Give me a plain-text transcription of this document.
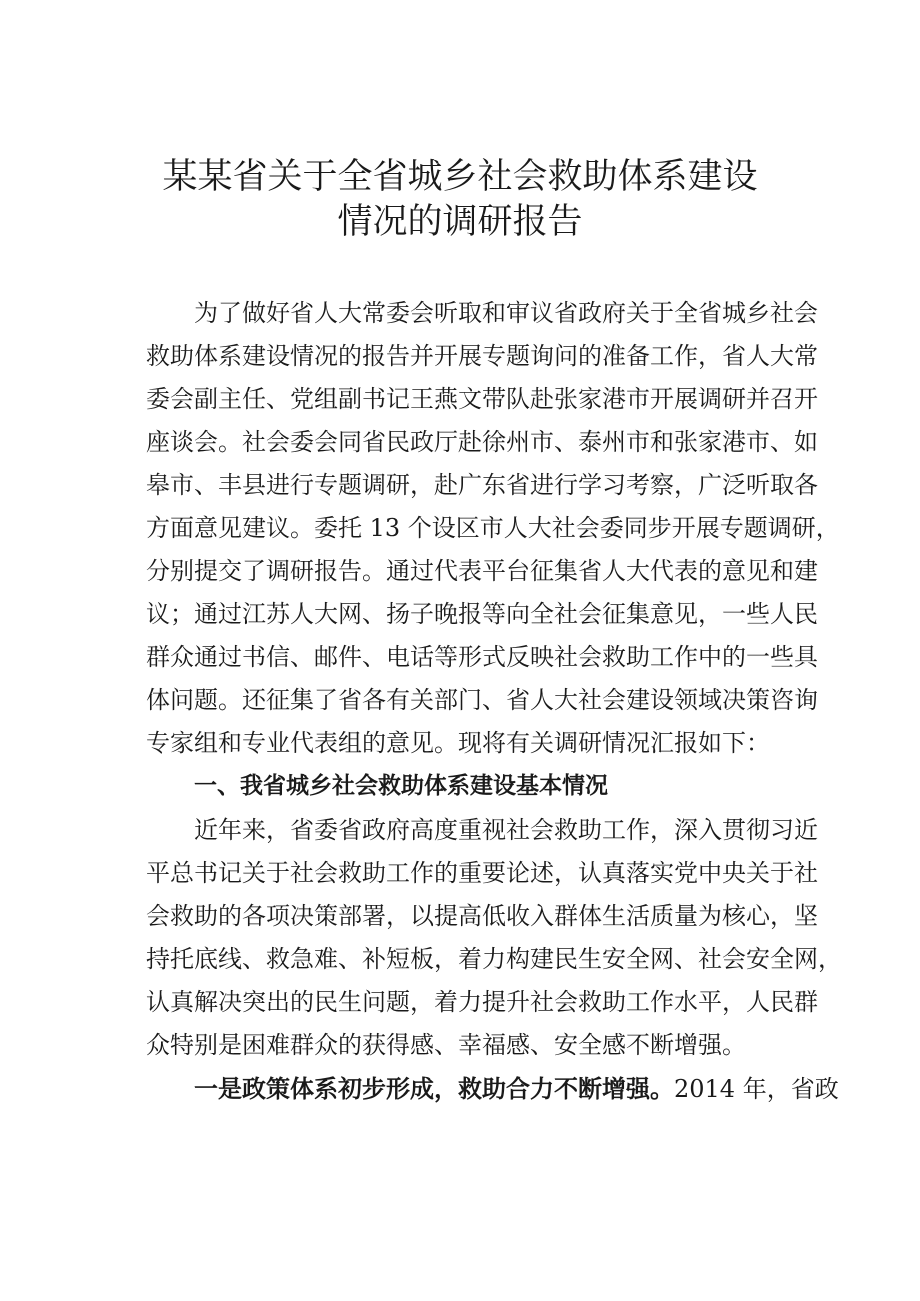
某某省关于全省城乡社会救助体系建设
情况的调研报告
为了做好省人大常委会听取和审议省政府关于全省城乡社会
救助体系建设情况的报告并开展专题询问的准备工作，省人大常
委会副主任、党组副书记王燕文带队赴张家港市开展调研并召开
座谈会。社会委会同省民政厅赴徐州市、泰州市和张家港市、如
皋市、丰县进行专题调研，赴广东省进行学习考察，广泛听取各
方面意见建议。委托 13 个设区市人大社会委同步开展专题调研，
分别提交了调研报告。通过代表平台征集省人大代表的意见和建
议；通过江苏人大网、扬子晚报等向全社会征集意见，一些人民
群众通过书信、邮件、电话等形式反映社会救助工作中的一些具
体问题。还征集了省各有关部门、省人大社会建设领域决策咨询
专家组和专业代表组的意见。现将有关调研情况汇报如下：
一、我省城乡社会救助体系建设基本情况
近年来，省委省政府高度重视社会救助工作，深入贯彻习近
平总书记关于社会救助工作的重要论述，认真落实党中央关于社
会救助的各项决策部署，以提高低收入群体生活质量为核心，坚
持托底线、救急难、补短板，着力构建民生安全网、社会安全网，
认真解决突出的民生问题，着力提升社会救助工作水平，人民群
众特别是困难群众的获得感、幸福感、安全感不断增强。
一是政策体系初步形成，救助合力不断增强。2014 年，省政
